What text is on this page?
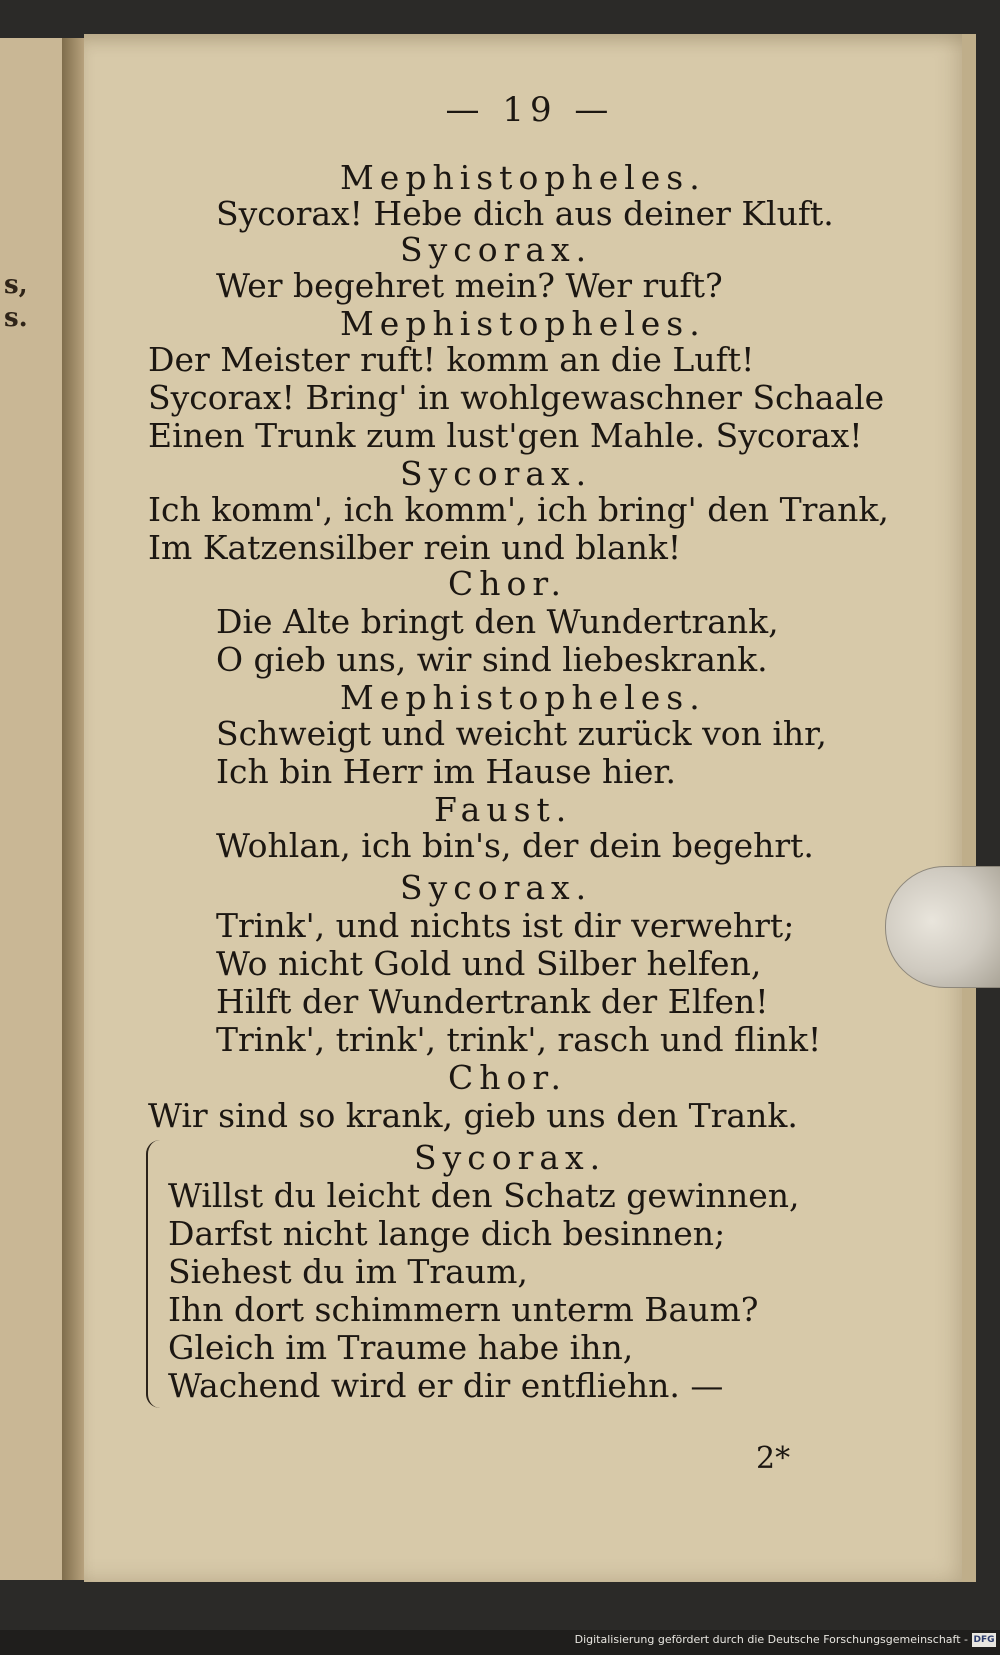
s,
s.
— 19 —
Mephistopheles.
Sycorax! Hebe dich aus deiner Kluft.
Sycorax.
Wer begehret mein? Wer ruft?
Mephistopheles.
Der Meister ruft! komm an die Luft!
Sycorax! Bring' in wohlgewaschner Schaale
Einen Trunk zum lust'gen Mahle. Sycorax!
Sycorax.
Ich komm', ich komm', ich bring' den Trank,
Im Katzensilber rein und blank!
Chor.
Die Alte bringt den Wundertrank,
O gieb uns, wir sind liebeskrank.
Mephistopheles.
Schweigt und weicht zurück von ihr,
Ich bin Herr im Hause hier.
Faust.
Wohlan, ich bin's, der dein begehrt.
Sycorax.
Trink', und nichts ist dir verwehrt;
Wo nicht Gold und Silber helfen,
Hilft der Wundertrank der Elfen!
Trink', trink', trink', rasch und flink!
Chor.
Wir sind so krank, gieb uns den Trank.
Sycorax.
Willst du leicht den Schatz gewinnen,
Darfst nicht lange dich besinnen;
Siehest du im Traum,
Ihn dort schimmern unterm Baum?
Gleich im Traume habe ihn,
Wachend wird er dir entfliehn. —
2*
Digitalisierung gefördert durch die Deutsche Forschungsgemeinschaft - DFG
